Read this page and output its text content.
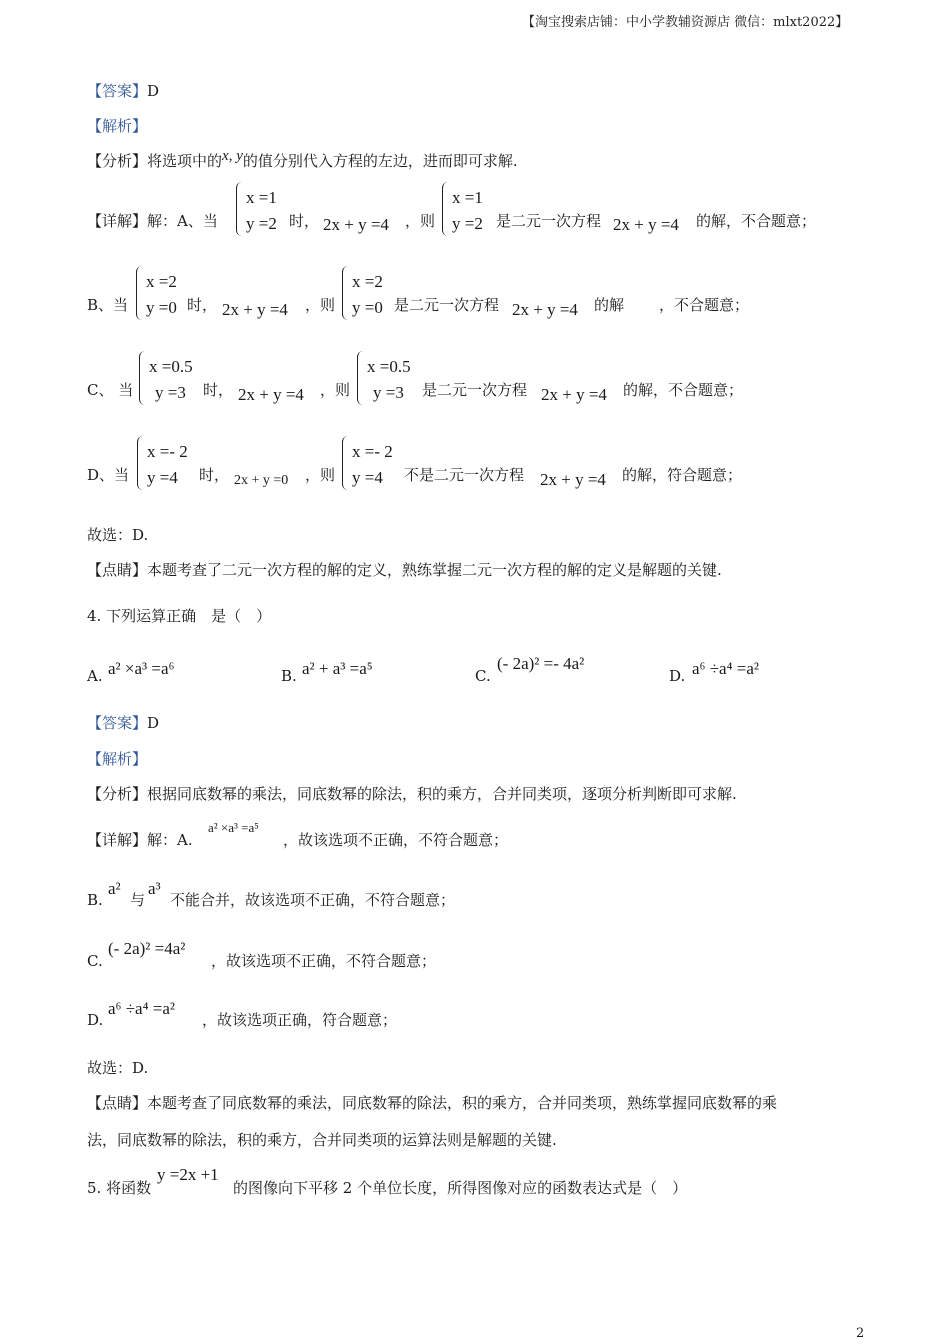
【淘宝搜索店铺：中小学教辅资源店 微信：mlxt2022】
【答案】D
【解析】
【分析】将选项中的x, y的值分别代入方程的左边，进而即可求解.
【详解】解：A、当
x =1
y =2 时， 2x + y =4 ，则
x =1
y =2 是二元一次方程 2x + y =4 的解，不合题意；
B、当
x =2
y =0 时， 2x + y =4 ，则
x =2
y =0 是二元一次方程 2x + y =4 的解 ，不合题意；
C、 当
x =0.5
y =3 时， 2x + y =4 ，则
x =0.5
y =3 是二元一次方程 2x + y =4 的解，不合题意；
D、当
x =- 2
y =4 时， 2x + y =0 ，则
x =- 2
y =4 不是二元一次方程 2x + y =4 的解，符合题意；
故选：D.
【点睛】本题考查了二元一次方程的解的定义，熟练掌握二元一次方程的解的定义是解题的关键.
4. 下列运算正确　是（　）
A. a² ×a³ =a⁶	B. a² + a³ =a⁵	C.
(- 2a)² =- 4a²
D. a⁶ ÷a⁴ =a²
【答案】D
【解析】
【分析】根据同底数幂的乘法，同底数幂的除法，积的乘方，合并同类项，逐项分析判断即可求解.
【详解】解：A.
a² ×a³ =a⁵
，故该选项不正确，不符合题意；
B.
a²
与
a³
不能合并，故该选项不正确，不符合题意；
C.
(- 2a)² =4a²
，故该选项不正确，不符合题意；
D.
a⁶ ÷a⁴ =a²
，故该选项正确，符合题意；
故选：D.
【点睛】本题考查了同底数幂的乘法，同底数幂的除法，积的乘方，合并同类项，熟练掌握同底数幂的乘
法，同底数幂的除法，积的乘方，合并同类项的运算法则是解题的关键.
5. 将函数
y =2x +1
的图像向下平移 2 个单位长度，所得图像对应的函数表达式是（　）
2
